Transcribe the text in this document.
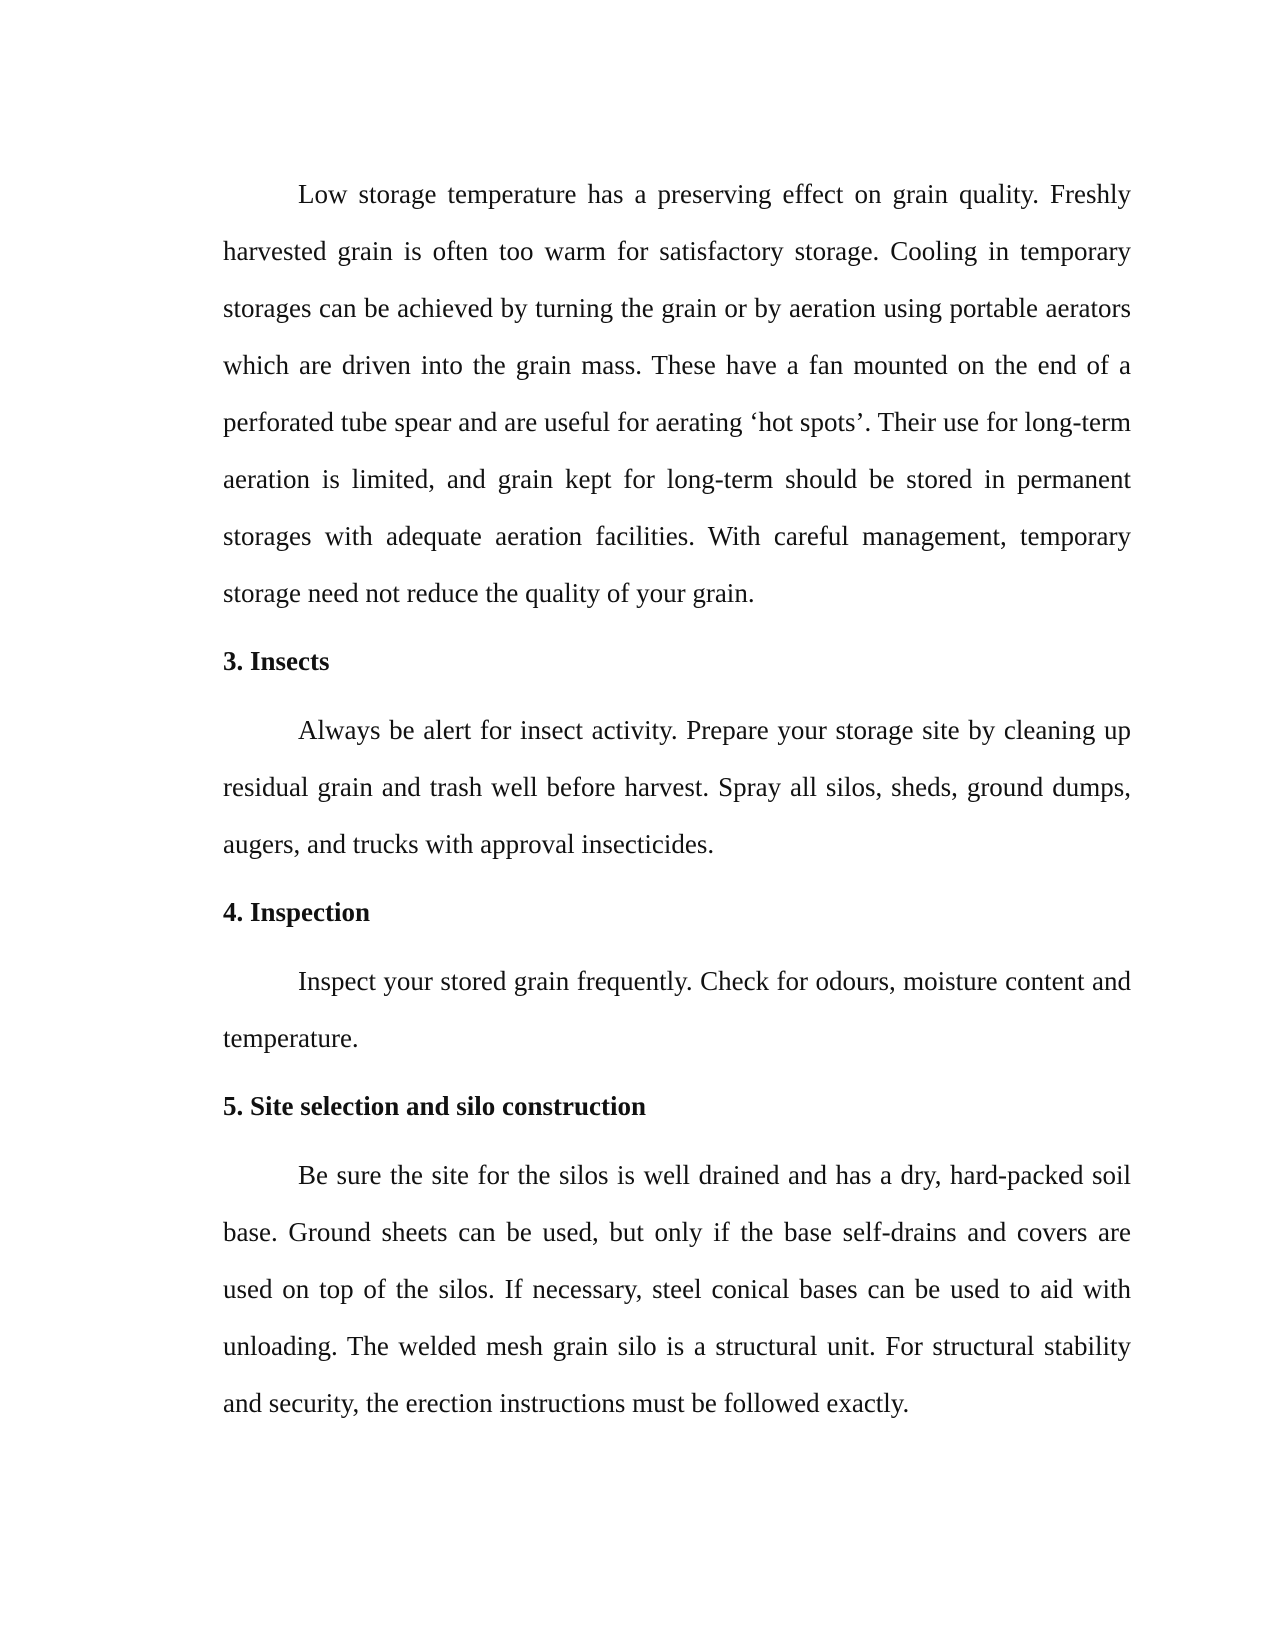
Low storage temperature has a preserving effect on grain quality. Freshly harvested grain is often too warm for satisfactory storage. Cooling in temporary storages can be achieved by turning the grain or by aeration using portable aerators which are driven into the grain mass. These have a fan mounted on the end of a perforated tube spear and are useful for aerating ‘hot spots’. Their use for long-term aeration is limited, and grain kept for long-term should be stored in permanent storages with adequate aeration facilities. With careful management, temporary storage need not reduce the quality of your grain.

3. Insects

Always be alert for insect activity. Prepare your storage site by cleaning up residual grain and trash well before harvest. Spray all silos, sheds, ground dumps, augers, and trucks with approval insecticides.

4. Inspection

Inspect your stored grain frequently. Check for odours, moisture content and temperature.

5. Site selection and silo construction

Be sure the site for the silos is well drained and has a dry, hard-packed soil base. Ground sheets can be used, but only if the base self-drains and covers are used on top of the silos. If necessary, steel conical bases can be used to aid with unloading. The welded mesh grain silo is a structural unit. For structural stability and security, the erection instructions must be followed exactly.
